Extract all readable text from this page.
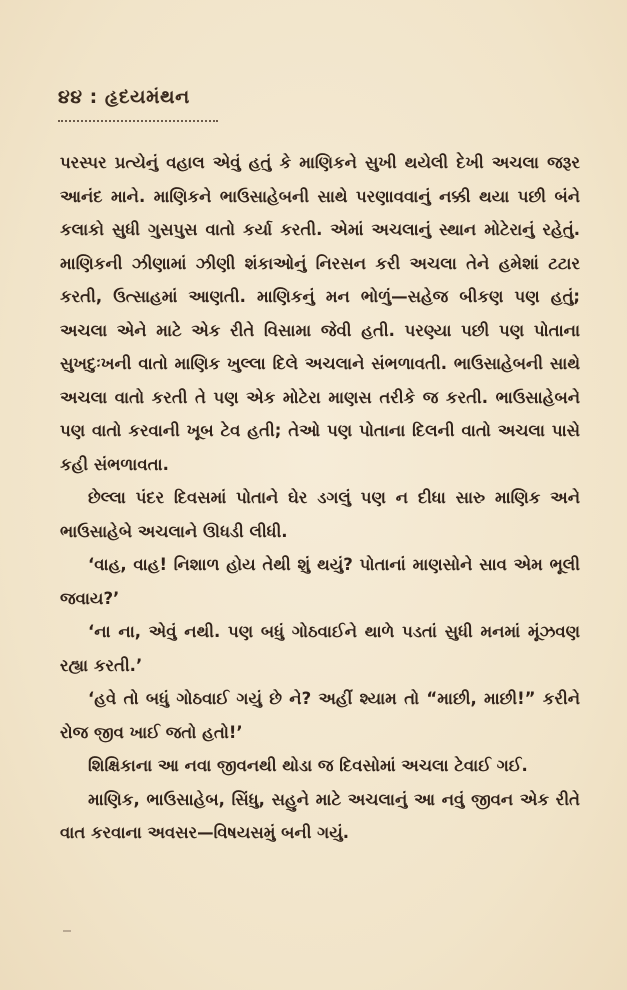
૪૪ : હૃદયમંથન

પરસ્પર પ્રત્યેનું વહાલ એવું હતું કે માણિકને સુખી થયેલી દેખી અચલા જરૂર આનંદ માને. માણિકને ભાઉસાહેબની સાથે પરણાવવાનું નક્કી થયા પછી બંને કલાકો સુધી ગુસપુસ વાતો કર્યા કરતી. એમાં અચલાનું સ્થાન મોટેરાનું રહેતું. માણિકની ઝીણામાં ઝીણી શંકાઓનું નિરસન કરી અચલા તેને હમેશાં ટટાર કરતી, ઉત્સાહમાં આણતી. માણિકનું મન ભોળું—સહેજ બીકણ પણ હતું; અચલા એને માટે એક રીતે વિસામા જેવી હતી. પરણ્યા પછી પણ પોતાના સુખદુઃખની વાતો માણિક ખુલ્લા દિલે અચલાને સંભળાવતી. ભાઉસાહેબની સાથે અચલા વાતો કરતી તે પણ એક મોટેરા માણસ તરીકે જ કરતી. ભાઉસાહેબને પણ વાતો કરવાની ખૂબ ટેવ હતી; તેઓ પણ પોતાના દિલની વાતો અચલા પાસે કહી સંભળાવતા.

છેલ્લા પંદર દિવસમાં પોતાને ઘેર ડગલું પણ ન દીધા સારુ માણિક અને ભાઉસાહેબે અચલાને ઊધડી લીધી.

‘વાહ, વાહ! નિશાળ હોય તેથી શું થયું? પોતાનાં માણસોને સાવ એમ ભૂલી જવાય?’

‘ના ના, એવું નથી. પણ બધું ગોઠવાઈને થાળે પડતાં સુધી મનમાં મૂંઝવણ રહ્યા કરતી.’

‘હવે તો બધું ગોઠવાઈ ગયું છે ને? અહીં શ્યામ તો “માછી, માછી!” કરીને રોજ જીવ ખાઈ જતો હતો!’

શિક્ષિકાના આ નવા જીવનથી થોડા જ દિવસોમાં અચલા ટેવાઈ ગઈ.

માણિક, ભાઉસાહેબ, સિંધુ, સહુને માટે અચલાનું આ નવું જીવન એક રીતે વાત કરવાના અવસર—વિષયસમું બની ગયું.
